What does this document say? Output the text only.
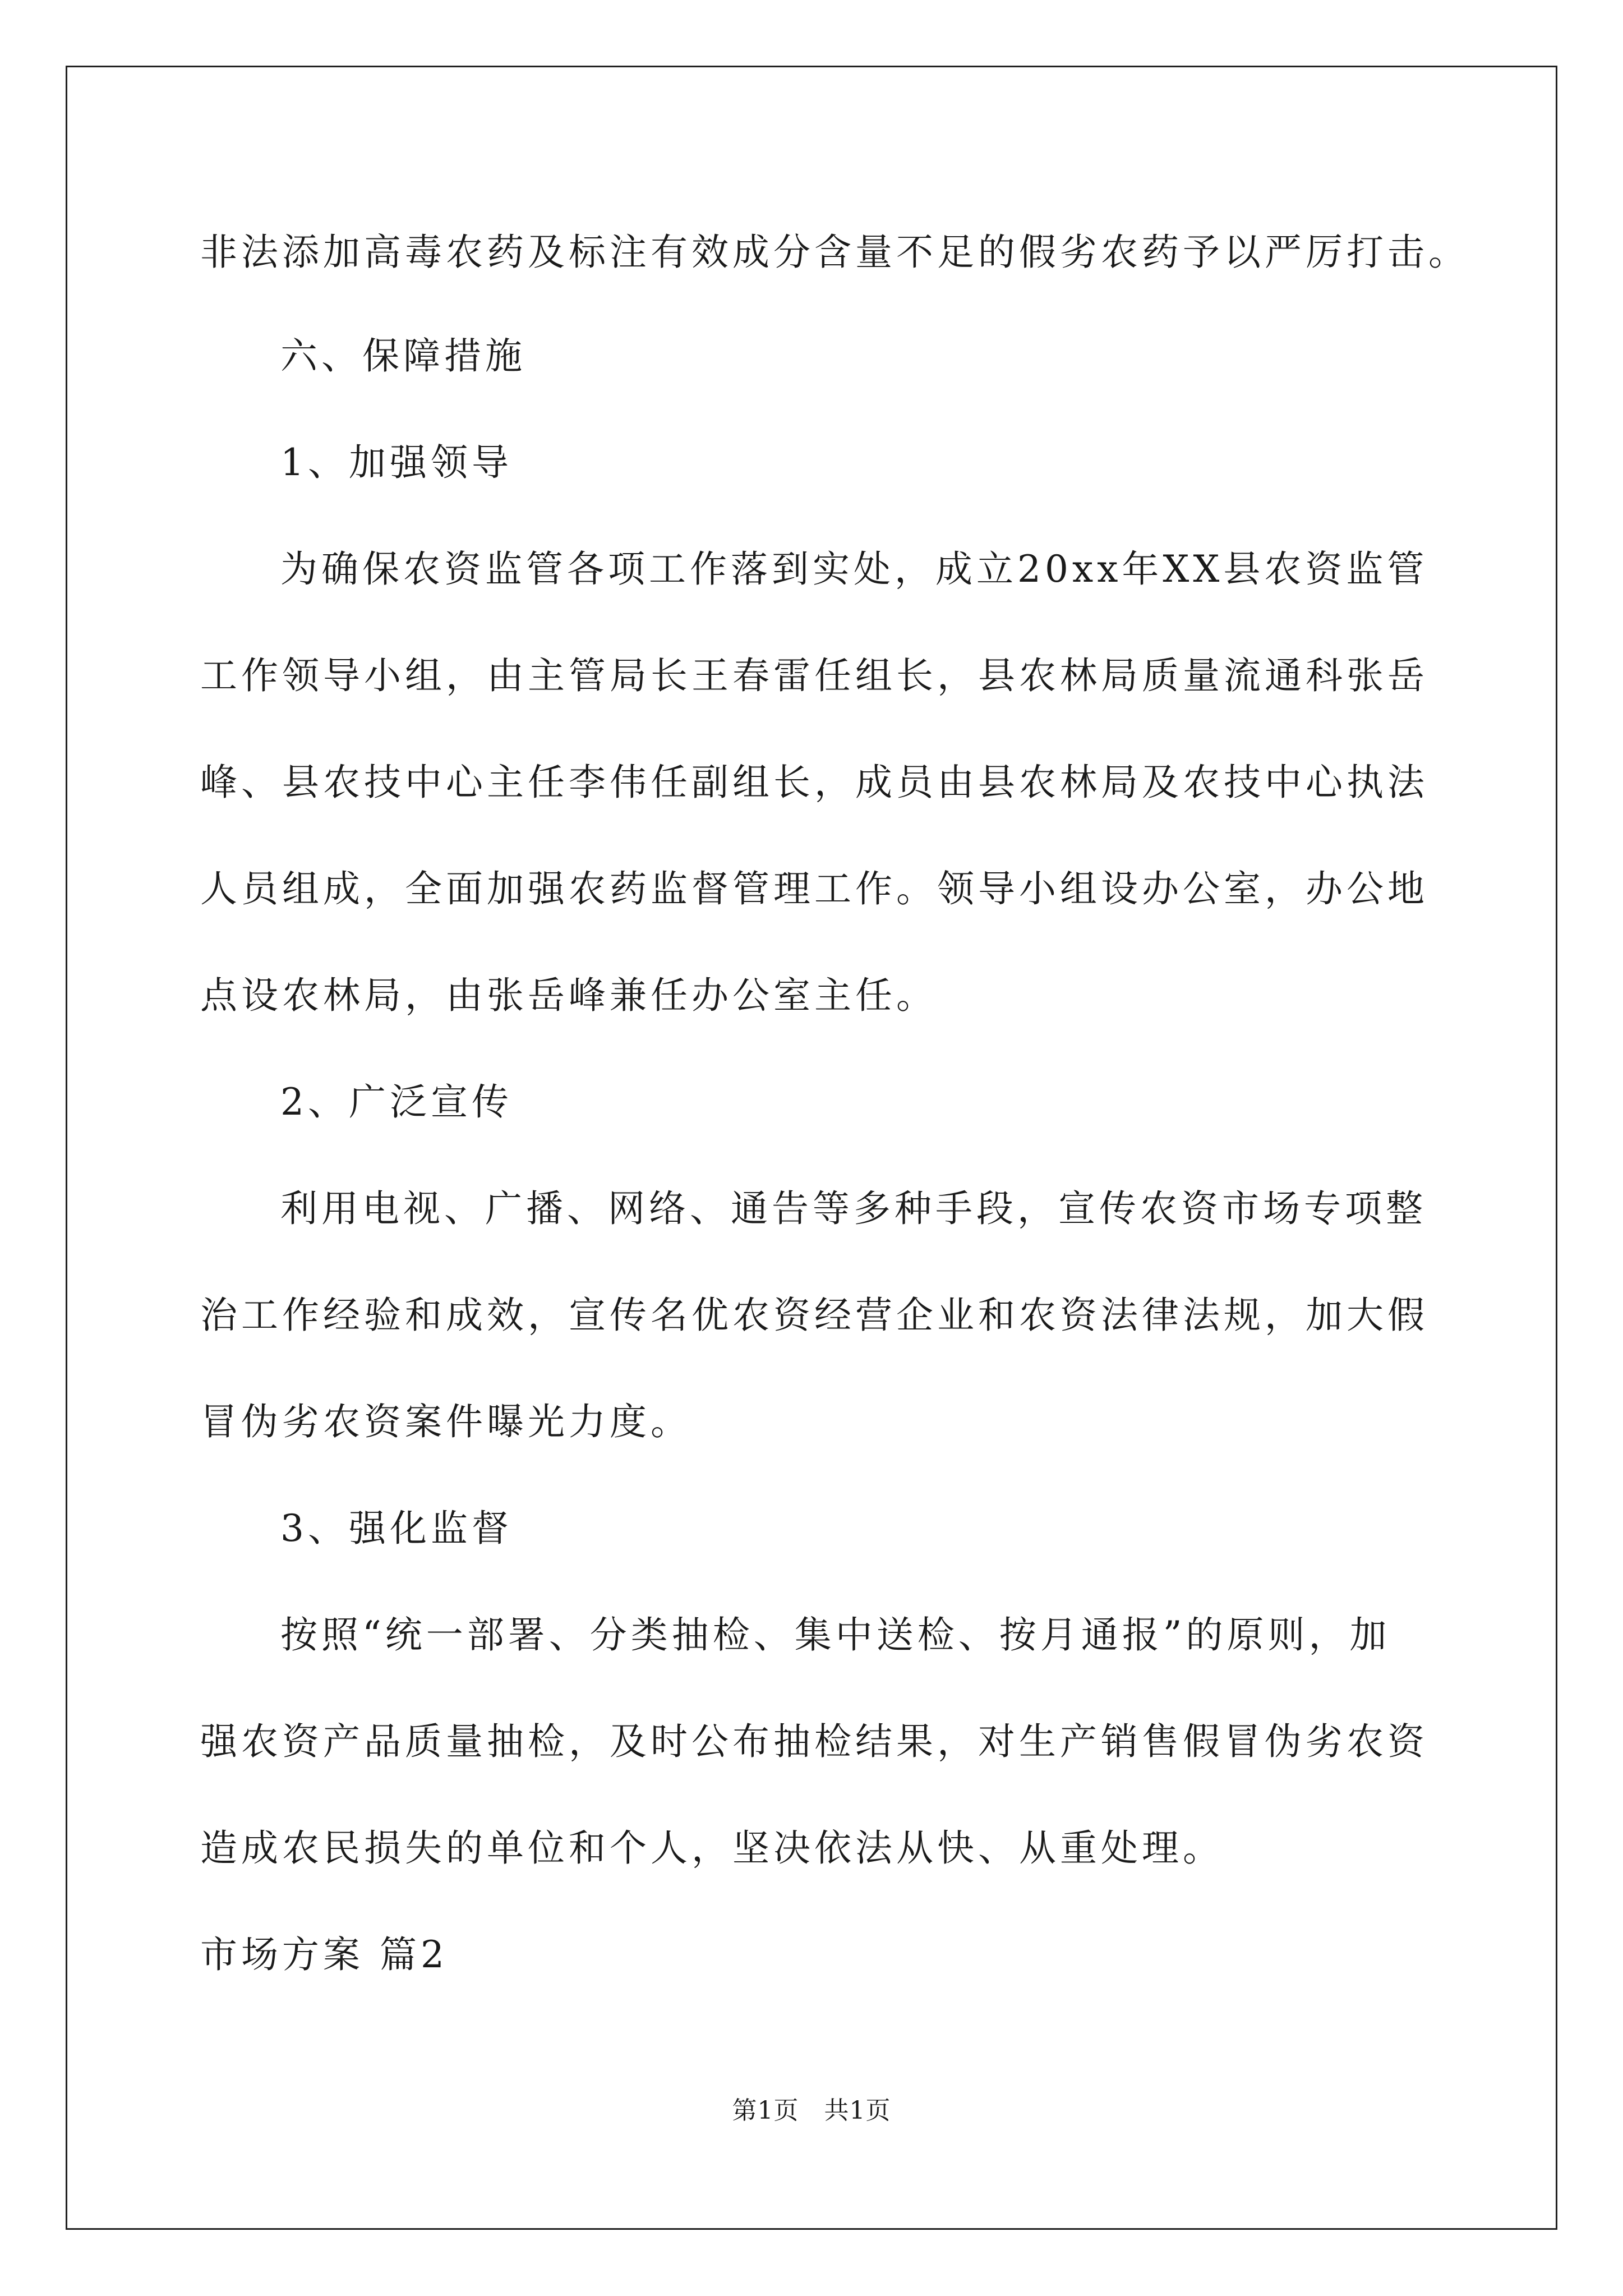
非法添加高毒农药及标注有效成分含量不足的假劣农药予以严厉打击。
六、保障措施
1、加强领导
为确保农资监管各项工作落到实处，成立20xx年XX县农资监管
工作领导小组，由主管局长王春雷任组长，县农林局质量流通科张岳
峰、县农技中心主任李伟任副组长，成员由县农林局及农技中心执法
人员组成，全面加强农药监督管理工作。领导小组设办公室，办公地
点设农林局，由张岳峰兼任办公室主任。
2、广泛宣传
利用电视、广播、网络、通告等多种手段，宣传农资市场专项整
治工作经验和成效，宣传名优农资经营企业和农资法律法规，加大假
冒伪劣农资案件曝光力度。
3、强化监督
按照“统一部署、分类抽检、集中送检、按月通报”的原则，加
强农资产品质量抽检，及时公布抽检结果，对生产销售假冒伪劣农资
造成农民损失的单位和个人，坚决依法从快、从重处理。
市场方案 篇2
第1页　共1页
